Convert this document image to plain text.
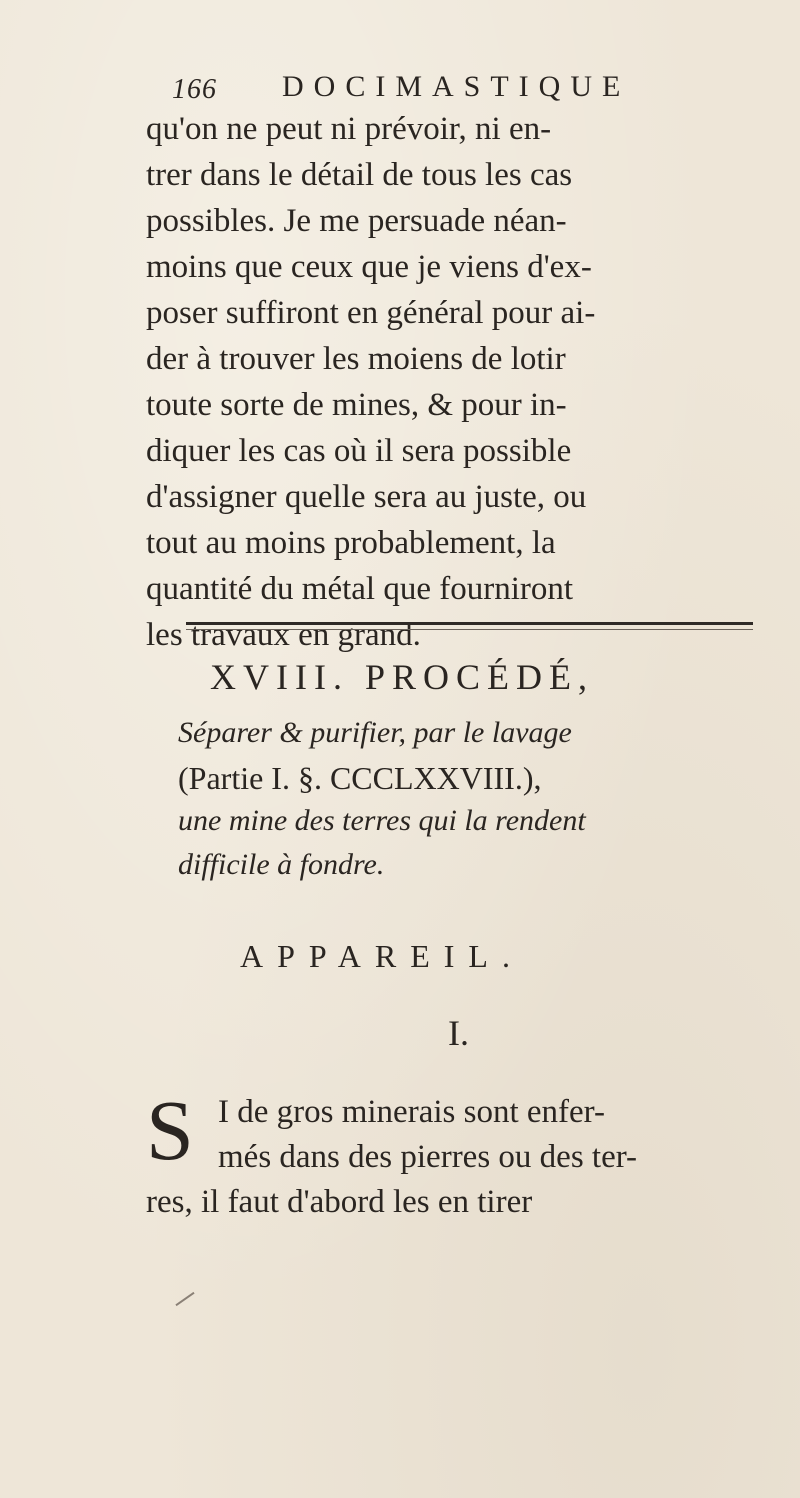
166 DOCIMASTIQUE
qu'on ne peut ni prévoir, ni en-
trer dans le détail de tous les cas
possibles. Je me persuade néan-
moins que ceux que je viens d'ex-
poser suffiront en général pour ai-
der à trouver les moiens de lotir
toute sorte de mines, & pour in-
diquer les cas où il sera possible
d'assigner quelle sera au juste, ou
tout au moins probablement, la
quantité du métal que fourniront
les travaux en grand.
XVIII. PROCÉDÉ,
Séparer & purifier, par le lavage
(Partie I. §. CCCLXXVIII.),
une mine des terres qui la rendent
difficile à fondre.
APPAREIL.
I.
S I de gros minerais sont enfer-
més dans des pierres ou des ter-
res, il faut d'abord les en tirer
